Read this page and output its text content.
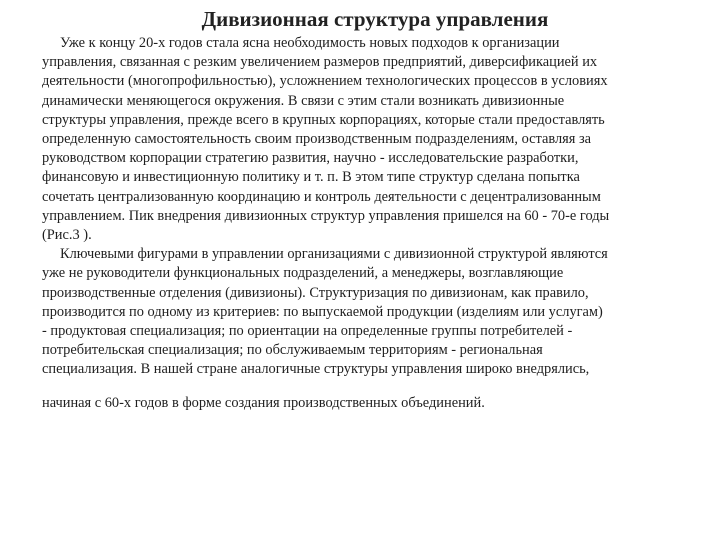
Дивизионная структура управления
Уже к концу 20-х годов стала ясна необходимость новых подходов к организации
управления, связанная с резким увеличением размеров предприятий, диверсификацией их
деятельности (многопрофильностью), усложнением технологических процессов в условиях
динамически меняющегося окружения. В связи с этим стали возникать дивизионные
структуры управления, прежде всего в крупных корпорациях, которые стали предоставлять
определенную самостоятельность своим производственным подразделениям, оставляя за
руководством корпорации стратегию развития, научно - исследовательские разработки,
финансовую и инвестиционную политику и т. п. В этом типе структур сделана попытка
сочетать централизованную координацию и контроль деятельности с децентрализованным
управлением. Пик внедрения дивизионных структур управления пришелся на 60 - 70-е годы
(Рис.3 ).
Ключевыми фигурами в управлении организациями с дивизионной структурой являются
уже не руководители функциональных подразделений, а менеджеры, возглавляющие
производственные отделения (дивизионы). Структуризация по дивизионам, как правило,
производится по одному из критериев: по выпускаемой продукции (изделиям или услугам)
- продуктовая специализация; по ориентации на определенные группы потребителей -
потребительская специализация; по обслуживаемым территориям - региональная
специализация. В нашей стране аналогичные структуры управления широко внедрялись,
начиная с 60-х годов в форме создания производственных объединений.
